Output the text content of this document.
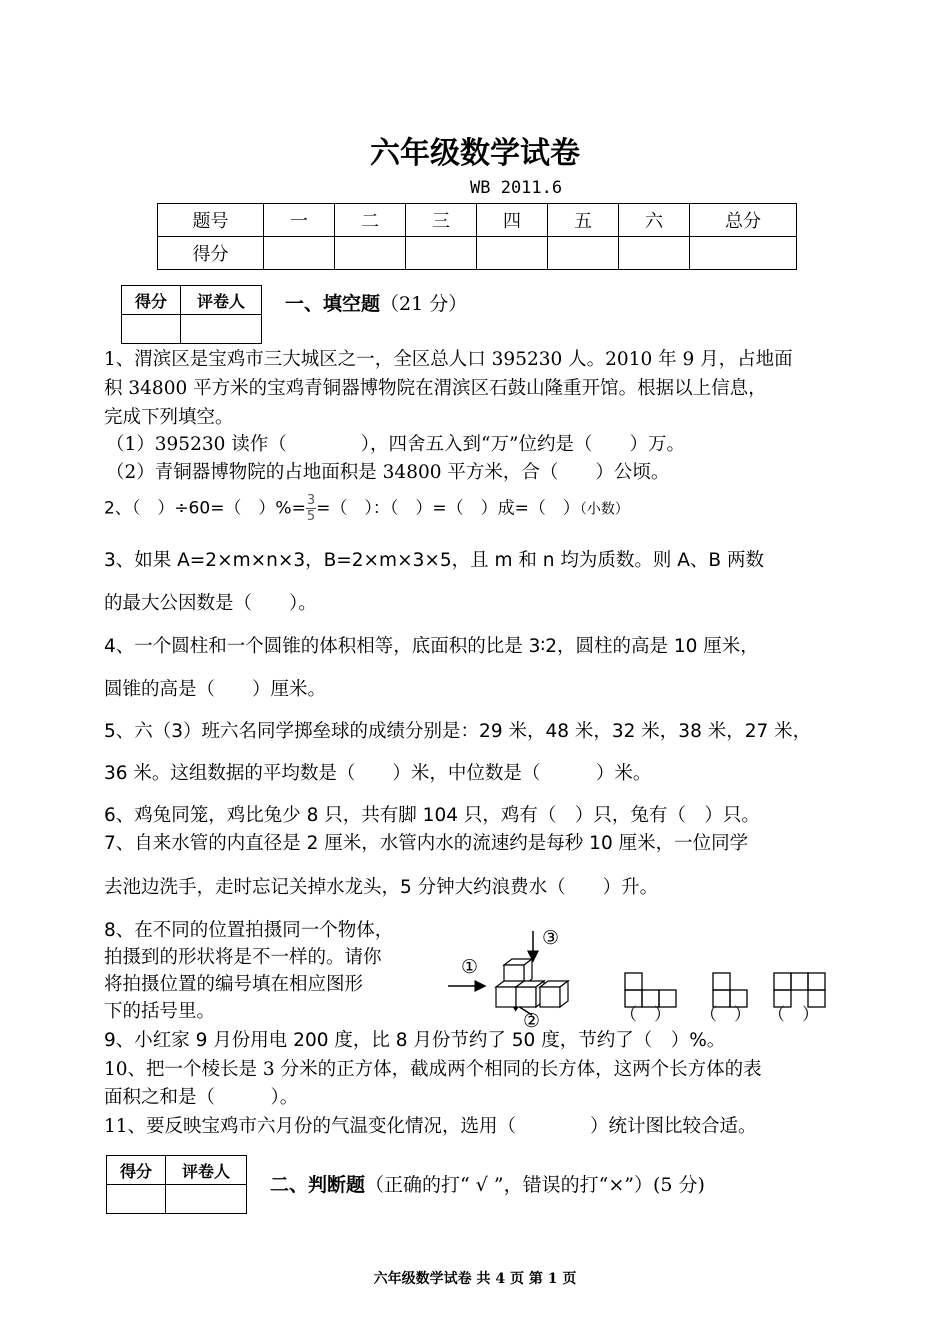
六年级数学试卷
WB 2011.6
题号	一	二	三	四	五	六	总分
得分							
得分	评卷人
	一、填空题（21 分）
1、渭滨区是宝鸡市三大城区之一，全区总人口 395230 人。2010 年 9 月，占地面
积 34800 平方米的宝鸡青铜器博物院在渭滨区石鼓山隆重开馆。根据以上信息，
完成下列填空。
（1）395230 读作（　　　　），四舍五入到“万”位约是（　　）万。
（2）青铜器博物院的占地面积是 34800 平方米，合（　　）公顷。
2、（　）÷60=（　）%= $\frac{3}{5}$ =（　）：（　）=（　）成=（　）（小数）
3、如果 A=2×m×n×3，B=2×m×3×5，且 m 和 n 均为质数。则 A、B 两数
的最大公因数是（　　）。
4、一个圆柱和一个圆锥的体积相等，底面积的比是 3∶2，圆柱的高是 10 厘米，
圆锥的高是（　　）厘米。
5、六（3）班六名同学掷垒球的成绩分别是：29 米，48 米，32 米，38 米，27 米，
36 米。这组数据的平均数是（　　）米，中位数是（　　　）米。
6、鸡兔同笼，鸡比兔少 8 只，共有脚 104 只，鸡有（　）只，兔有（　）只。
7、自来水管的内直径是 2 厘米，水管内水的流速约是每秒 10 厘米，一位同学
去池边洗手，走时忘记关掉水龙头，5 分钟大约浪费水（　　）升。
8、在不同的位置拍摄同一个物体，
拍摄到的形状将是不一样的。请你
将拍摄位置的编号填在相应图形
下的括号里。
③
①
②	（　） （　） （　）
9、小红家 9 月份用电 200 度，比 8 月份节约了 50 度，节约了（　）%。
10、把一个棱长是 3 分米的正方体，截成两个相同的长方体，这两个长方体的表
面积之和是（　　　）。
11、要反映宝鸡市六月份的气温变化情况，选用（　　　　）统计图比较合适。
得分	评卷人

二、判断题（正确的打“ √ ”，错误的打“×”）(5 分)
六年级数学试卷 共 4 页 第 1 页
